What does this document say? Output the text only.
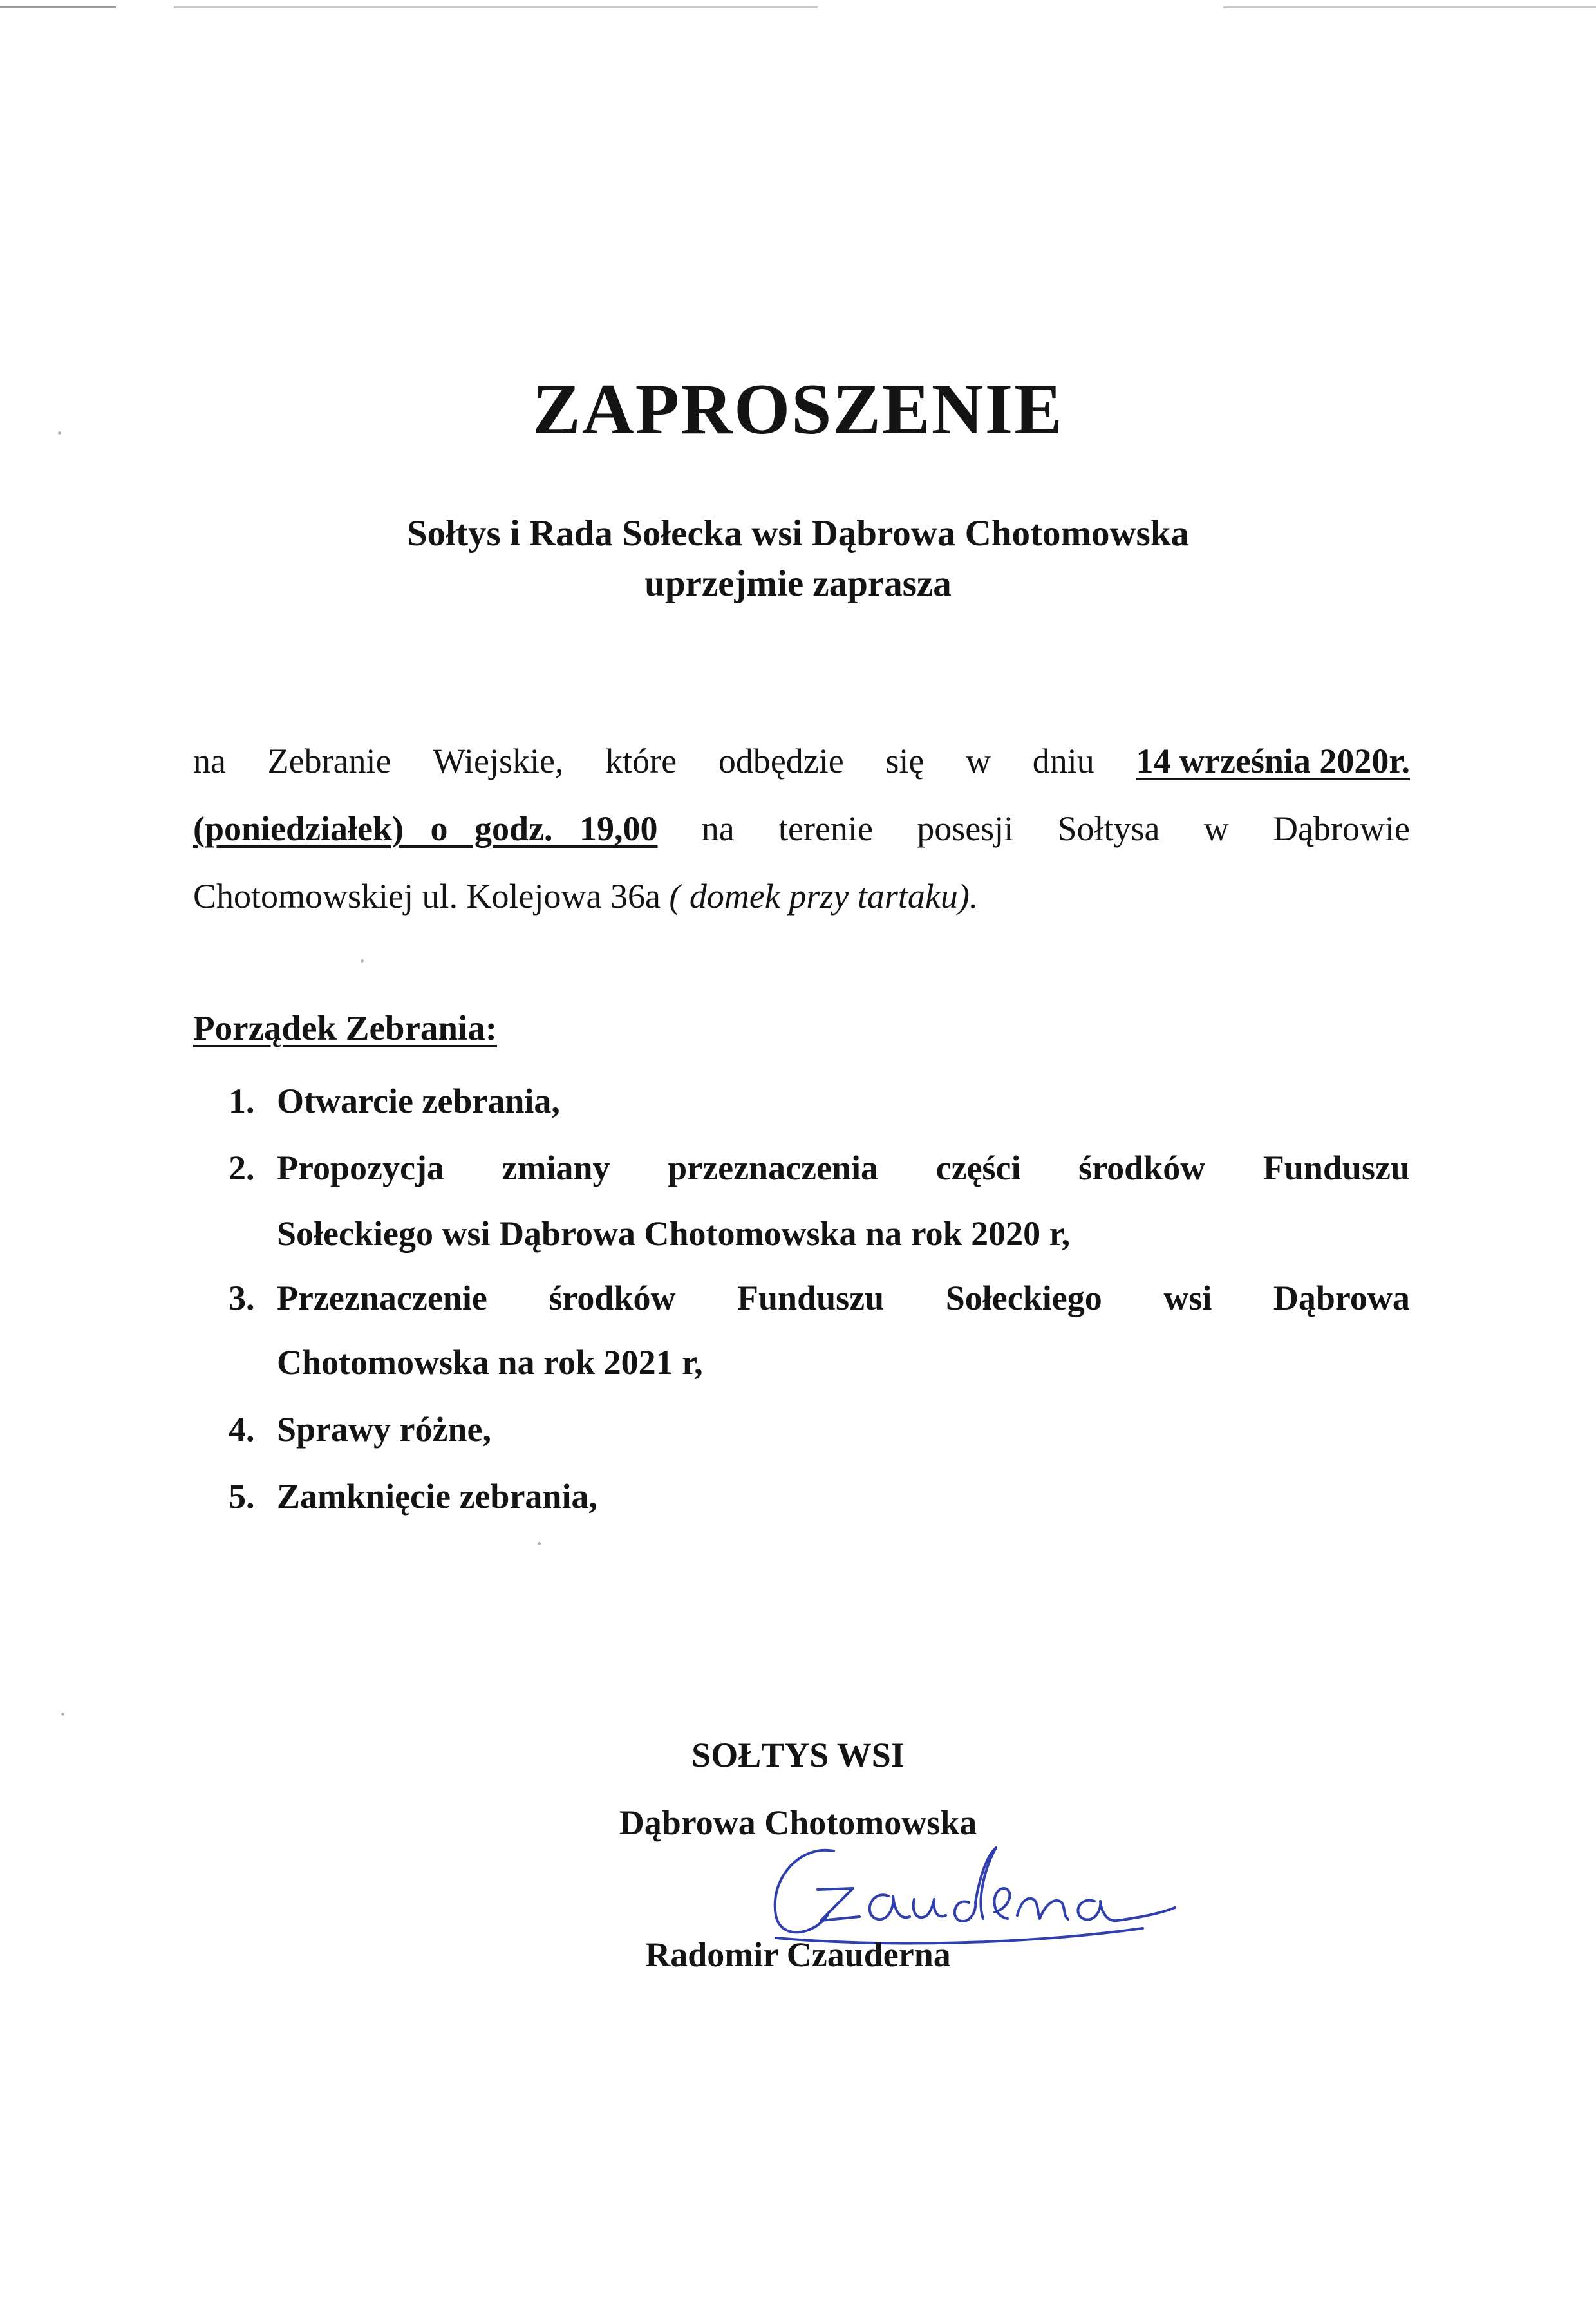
ZAPROSZENIE
Sołtys i Rada Sołecka wsi Dąbrowa Chotomowska
uprzejmie zaprasza
na Zebranie Wiejskie, które odbędzie się w dniu 14 września 2020r.
(poniedziałek) o godz. 19,00 na terenie posesji Sołtysa w Dąbrowie
Chotomowskiej ul. Kolejowa 36a ( domek przy tartaku).
Porządek Zebrania:
1. Otwarcie zebrania,
2. Propozycja zmiany przeznaczenia części środków Funduszu
Sołeckiego wsi Dąbrowa Chotomowska na rok 2020 r,
3. Przeznaczenie środków Funduszu Sołeckiego wsi Dąbrowa
Chotomowska na rok 2021 r,
4. Sprawy różne,
5. Zamknięcie zebrania,
SOŁTYS WSI
Dąbrowa Chotomowska
Radomir Czauderna
